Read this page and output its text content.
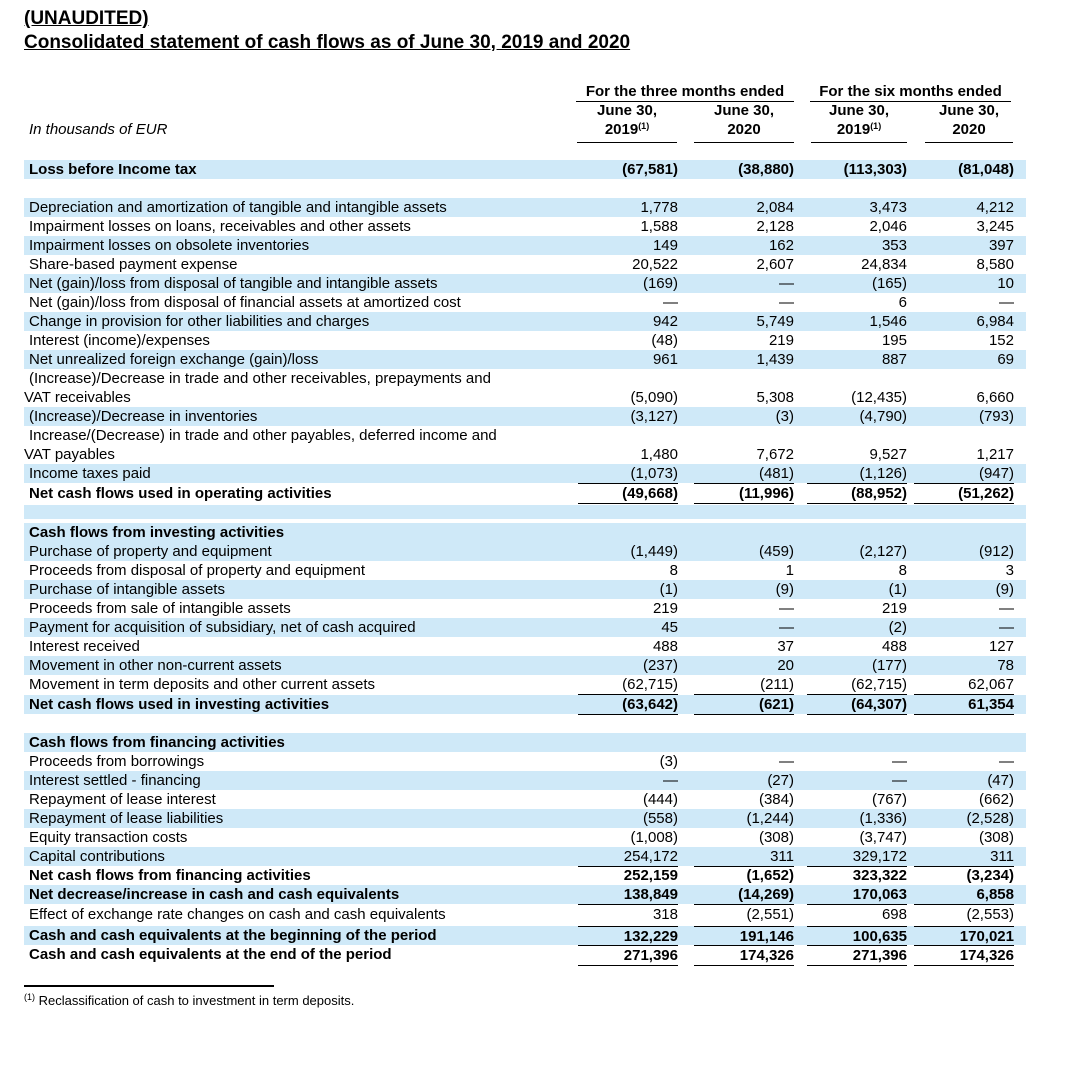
(UNAUDITED)
Consolidated statement of cash flows as of June 30, 2019 and 2020
In thousands of EUR
For the three months ended	For the six months ended
June 30,
2019$^{(1)}$
June 30,
2020
June 30,
2019$^{(1)}$
June 30,
2020
Loss before Income tax	(67,581)	(38,880)	(113,303)	(81,048)
Depreciation and amortization of tangible and intangible assets	1,778	2,084	3,473	4,212
Impairment losses on loans, receivables and other assets	1,588	2,128	2,046	3,245
Impairment losses on obsolete inventories	149	162	353	397
Share-based payment expense	20,522	2,607	24,834	8,580
Net (gain)/loss from disposal of tangible and intangible assets	(169)	—	(165)	10
Net (gain)/loss from disposal of financial assets at amortized cost	—	—	6	—
Change in provision for other liabilities and charges	942	5,749	1,546	6,984
Interest (income)/expenses	(48)	219	195	152
Net unrealized foreign exchange (gain)/loss	961	1,439	887	69
(Increase)/Decrease in trade and other receivables, prepayments and
VAT receivables	(5,090)	5,308	(12,435)	6,660
(Increase)/Decrease in inventories	(3,127)	(3)	(4,790)	(793)
Increase/(Decrease) in trade and other payables, deferred income and
VAT payables	1,480	7,672	9,527	1,217
Income taxes paid	(1,073)	(481)	(1,126)	(947)
Net cash flows used in operating activities	(49,668)	(11,996)	(88,952)	(51,262)
Cash flows from investing activities
Purchase of property and equipment	(1,449)	(459)	(2,127)	(912)
Proceeds from disposal of property and equipment	8	1	8	3
Purchase of intangible assets	(1)	(9)	(1)	(9)
Proceeds from sale of intangible assets	219	—	219	—
Payment for acquisition of subsidiary, net of cash acquired	45	—	(2)	—
Interest received	488	37	488	127
Movement in other non-current assets	(237)	20	(177)	78
Movement in term deposits and other current assets	(62,715)	(211)	(62,715)	62,067
Net cash flows used in investing activities	(63,642)	(621)	(64,307)	61,354
Cash flows from financing activities
Proceeds from borrowings	(3)	—	—	—
Interest settled - financing	—	(27)	—	(47)
Repayment of lease interest	(444)	(384)	(767)	(662)
Repayment of lease liabilities	(558)	(1,244)	(1,336)	(2,528)
Equity transaction costs	(1,008)	(308)	(3,747)	(308)
Capital contributions	254,172	311	329,172	311
Net cash flows from financing activities	252,159	(1,652)	323,322	(3,234)
Net decrease/increase in cash and cash equivalents	138,849	(14,269)	170,063	6,858
Effect of exchange rate changes on cash and cash equivalents	318	(2,551)	698	(2,553)
Cash and cash equivalents at the beginning of the period	132,229	191,146	100,635	170,021
Cash and cash equivalents at the end of the period	271,396	174,326	271,396	174,326
$^{(1)}$ Reclassification of cash to investment in term deposits.
